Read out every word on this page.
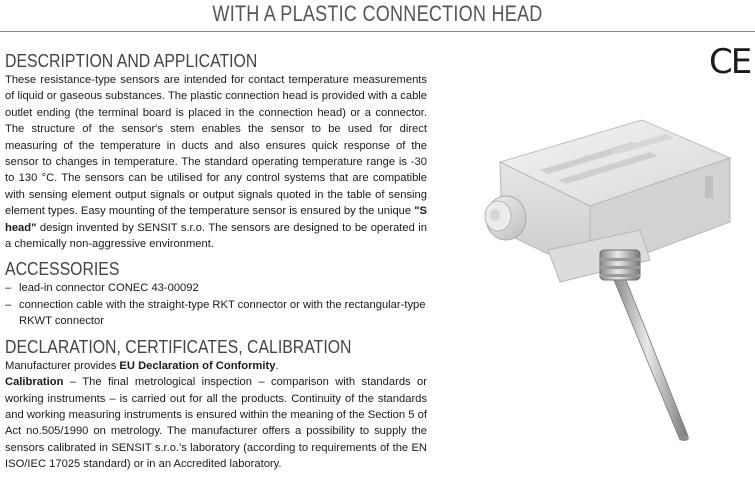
WITH A PLASTIC CONNECTION HEAD
CE
DESCRIPTION AND APPLICATION

These resistance-type sensors are intended for contact temperature measurements of liquid or gaseous substances. The plastic connection head is provided with a cable outlet ending (the terminal board is placed in the connection head) or a connector. The structure of the sensor's stem enables the sensor to be used for direct measuring of the temperature in ducts and also ensures quick response of the sensor to changes in temperature. The standard operating temperature range is -30 to 130 °C. The sensors can be utilised for any control systems that are compatible with sensing element output signals or output signals quoted in the table of sensing element types. Easy mounting of the temperature sensor is ensured by the unique "S head" design invented by SENSIT s.r.o. The sensors are designed to be operated in a chemically non-aggressive environment.

ACCESSORIES
– lead-in connector CONEC 43-00092
– connection cable with the straight-type RKT connector or with the rectangular-type RKWT connector
DECLARATION, CERTIFICATES, CALIBRATION

Manufacturer provides EU Declaration of Conformity.

Calibration – The final metrological inspection – comparison with standards or working instruments – is carried out for all the products. Continuity of the standards and working measuring instruments is ensured within the meaning of the Section 5 of Act no.505/1990 on metrology. The manufacturer offers a possibility to supply the sensors calibrated in SENSIT s.r.o.'s laboratory (according to requirements of the EN ISO/IEC 17025 standard) or in an Accredited laboratory.
